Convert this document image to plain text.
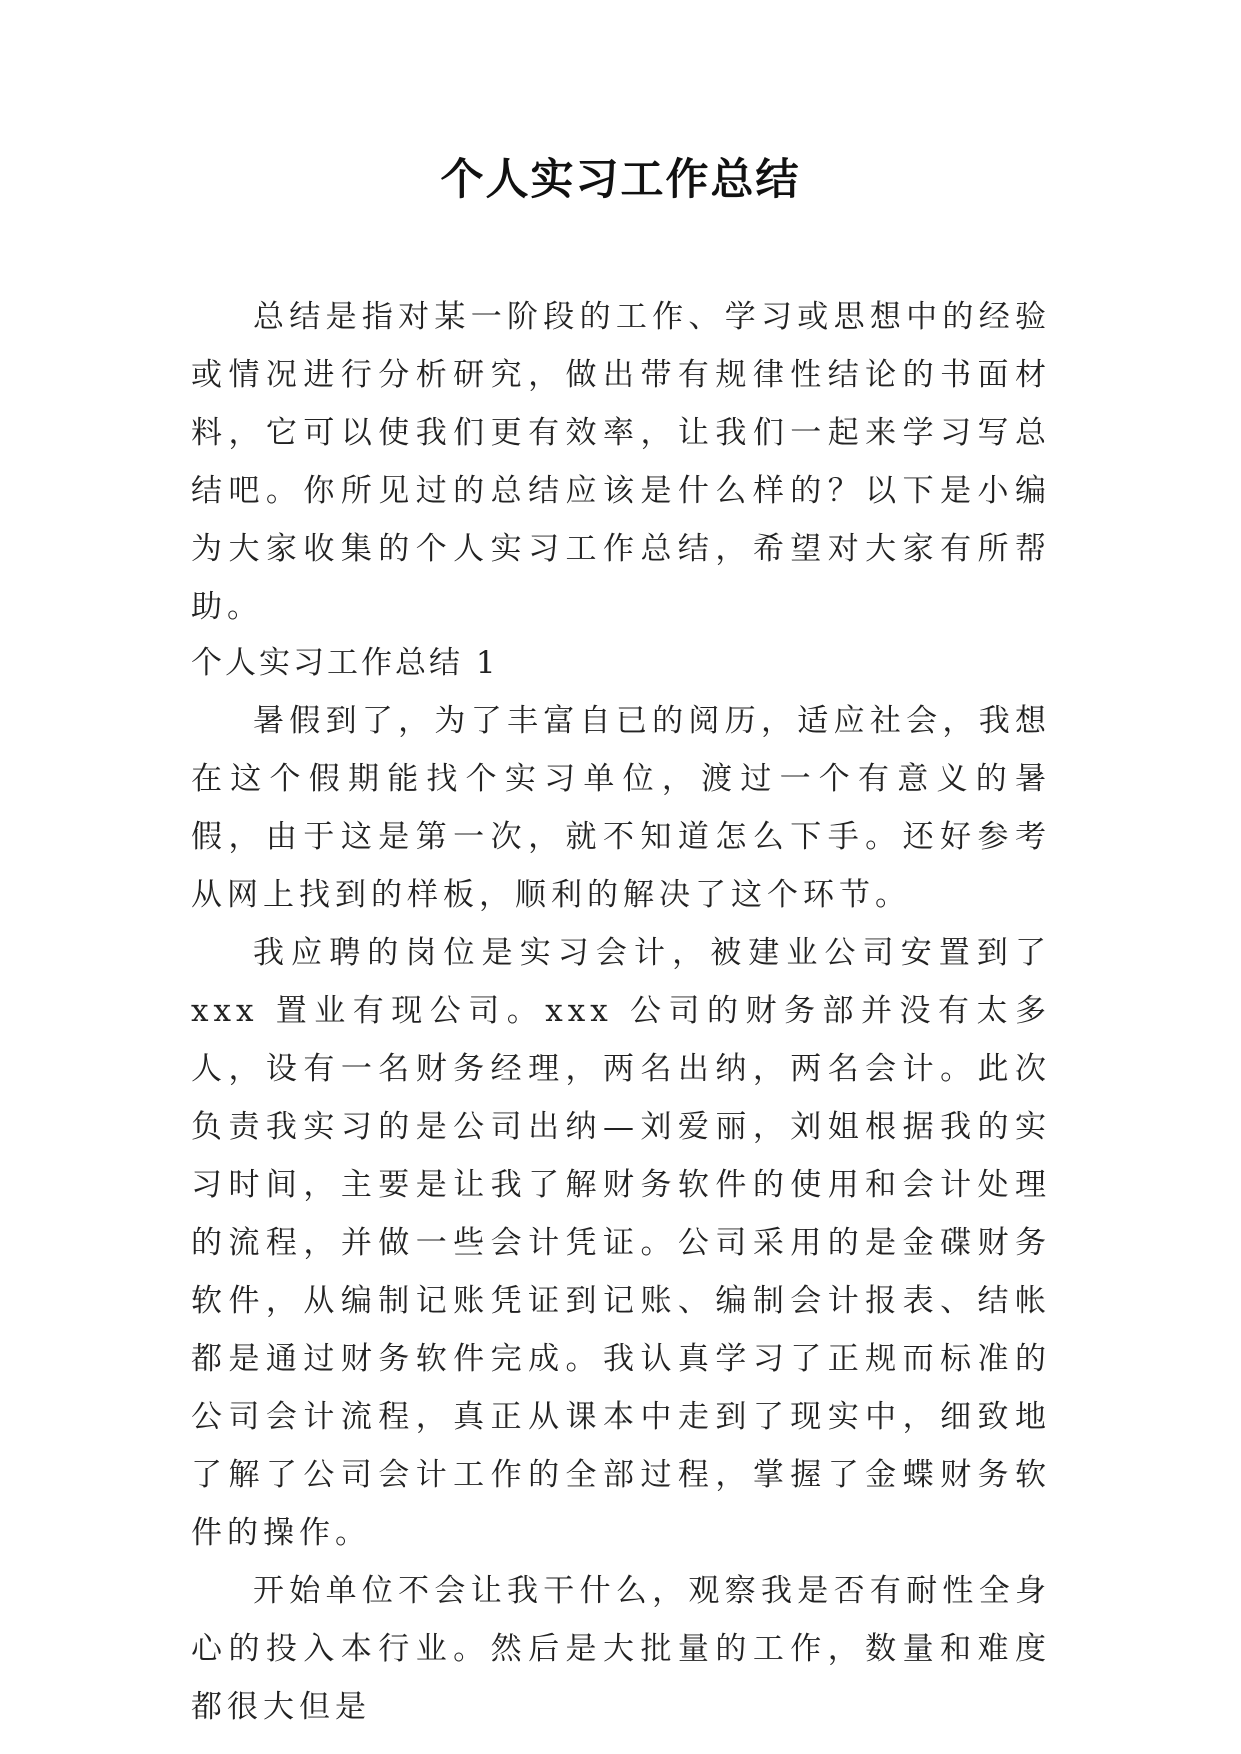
个人实习工作总结

总结是指对某一阶段的工作、学习或思想中的经验或情况进行分析研究，做出带有规律性结论的书面材料，它可以使我们更有效率，让我们一起来学习写总结吧。你所见过的总结应该是什么样的？以下是小编为大家收集的个人实习工作总结，希望对大家有所帮助。

个人实习工作总结 1

暑假到了，为了丰富自已的阅历，适应社会，我想在这个假期能找个实习单位，渡过一个有意义的暑假，由于这是第一次，就不知道怎么下手。还好参考从网上找到的样板，顺利的解决了这个环节。

我应聘的岗位是实习会计，被建业公司安置到了 xxx 置业有现公司。xxx 公司的财务部并没有太多人，设有一名财务经理，两名出纳，两名会计。此次负责我实习的是公司出纳—刘爱丽，刘姐根据我的实习时间，主要是让我了解财务软件的使用和会计处理的流程，并做一些会计凭证。公司采用的是金碟财务软件，从编制记账凭证到记账、编制会计报表、结帐都是通过财务软件完成。我认真学习了正规而标准的公司会计流程，真正从课本中走到了现实中，细致地了解了公司会计工作的全部过程，掌握了金蝶财务软件的操作。

开始单位不会让我干什么，观察我是否有耐性全身心的投入本行业。然后是大批量的工作，数量和难度都很大但是
